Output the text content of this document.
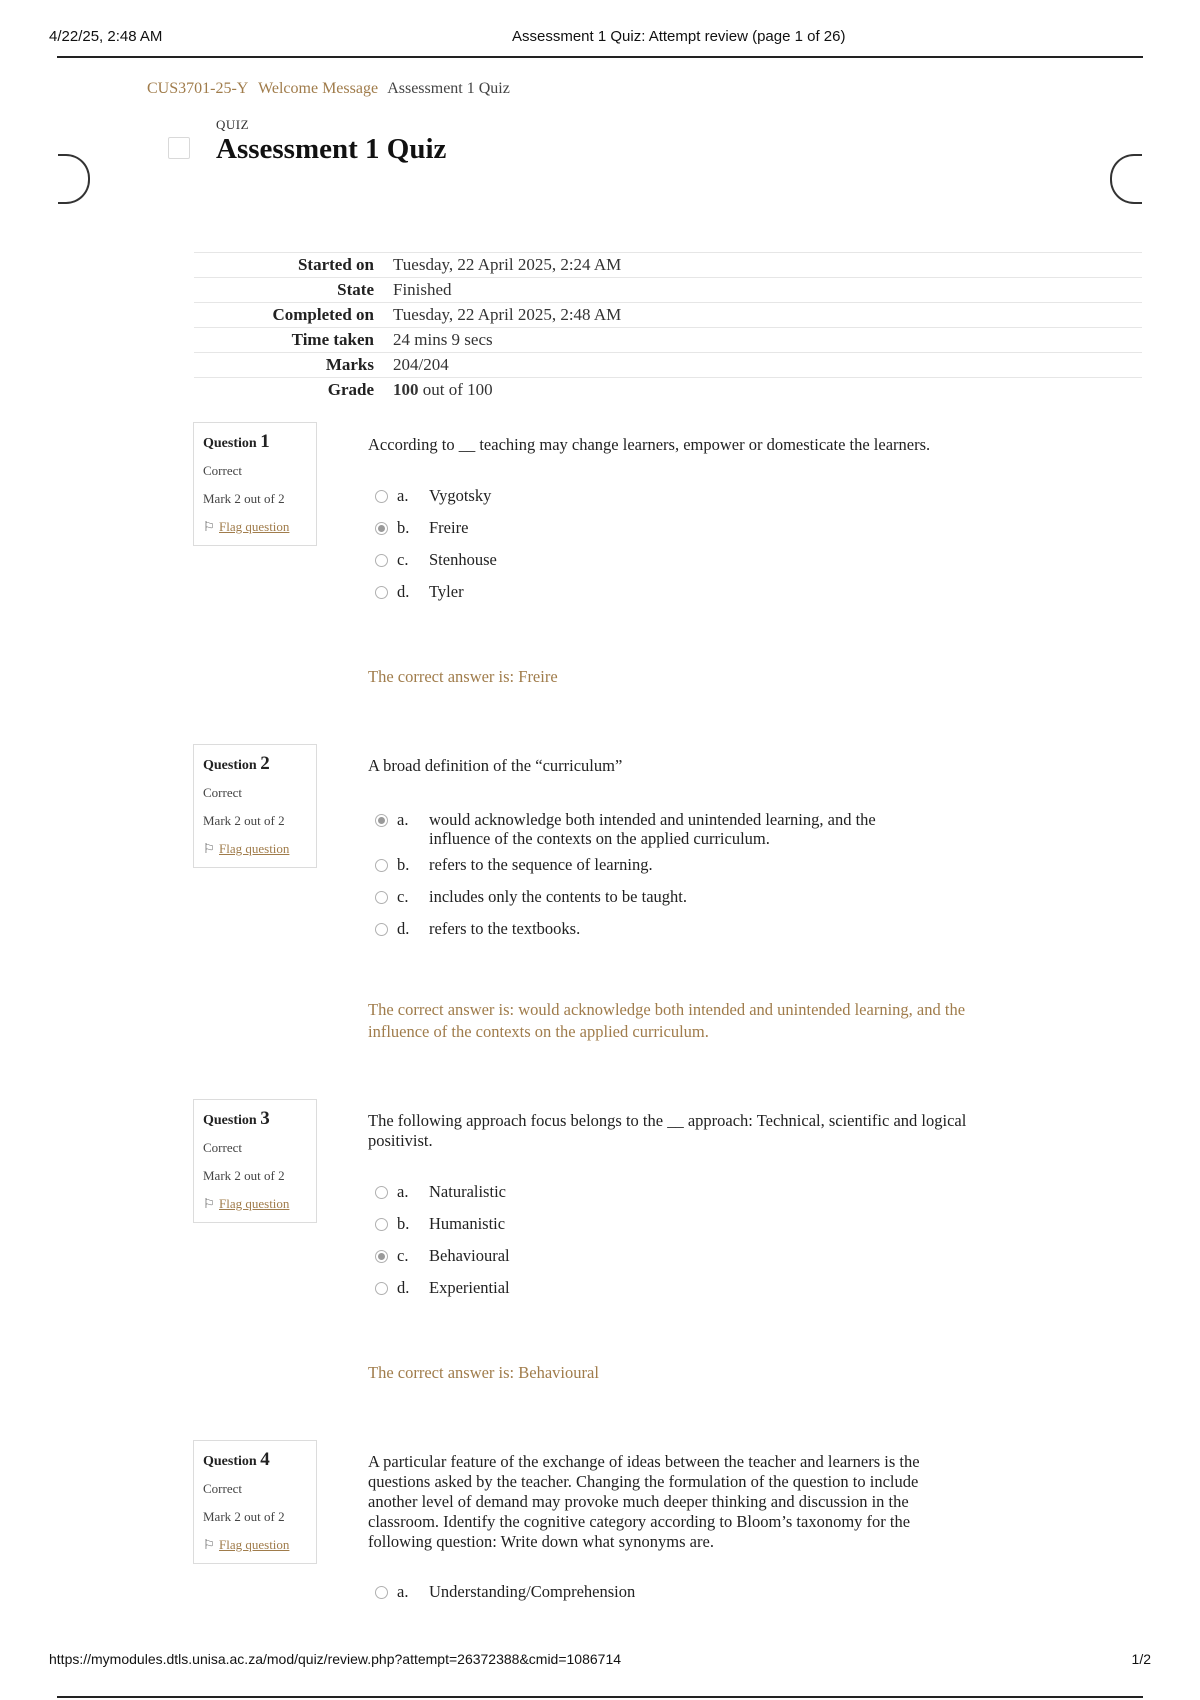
4/22/25, 2:48 AM	Assessment 1 Quiz: Attempt review (page 1 of 26)
CUS3701-25-Y Welcome Message Assessment 1 Quiz
QUIZ
Assessment 1 Quiz
Started on	Tuesday, 22 April 2025, 2:24 AM
State	Finished
Completed on	Tuesday, 22 April 2025, 2:48 AM
Time taken	24 mins 9 secs
Marks	204/204
Grade	100 out of 100
Question 1
Correct
Mark 2 out of 2
⚐ Flag question
According to __ teaching may change learners, empower or domesticate the learners.
a. Vygotsky
b. Freire
c. Stenhouse
d. Tyler
The correct answer is: Freire
Question 2
Correct
Mark 2 out of 2
⚐ Flag question
A broad definition of the “curriculum”
a. would acknowledge both intended and unintended learning, and the influence of the contexts on the applied curriculum.
b. refers to the sequence of learning.
c. includes only the contents to be taught.
d. refers to the textbooks.
The correct answer is: would acknowledge both intended and unintended learning, and the influence of the contexts on the applied curriculum.
Question 3
Correct
Mark 2 out of 2
⚐ Flag question
The following approach focus belongs to the __ approach: Technical, scientific and logical positivist.
a. Naturalistic
b. Humanistic
c. Behavioural
d. Experiential
The correct answer is: Behavioural
Question 4
Correct
Mark 2 out of 2
⚐ Flag question
A particular feature of the exchange of ideas between the teacher and learners is the questions asked by the teacher. Changing the formulation of the question to include another level of demand may provoke much deeper thinking and discussion in the classroom. Identify the cognitive category according to Bloom’s taxonomy for the following question: Write down what synonyms are.
a. Understanding/Comprehension
https://mymodules.dtls.unisa.ac.za/mod/quiz/review.php?attempt=26372388&cmid=1086714	1/2
